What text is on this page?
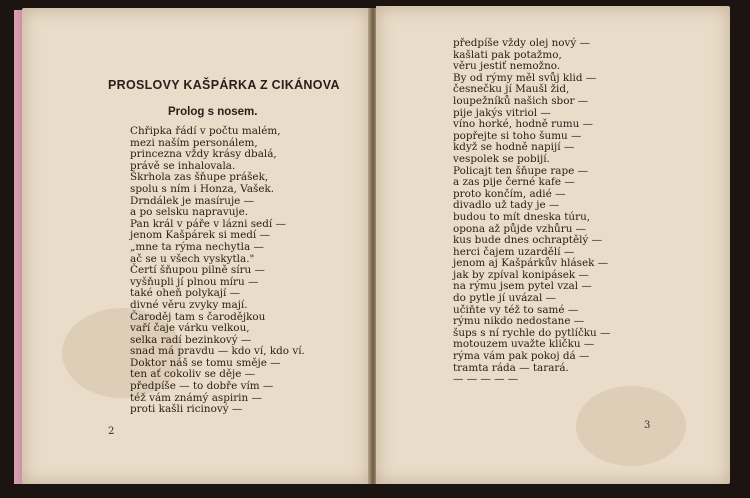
PROSLOVY KAŠPÁRKA Z CIKÁNOVA
Prolog s nosem.
Chřipka řádí v počtu malém,
mezi naším personálem,
princezna vždy krásy dbalá,
právě se inhalovala.
Škrhola zas šňupe prášek,
spolu s ním i Honza, Vašek.
Drndálek je masíruje —
a po selsku napravuje.
Pan král v páře v lázni sedí —
jenom Kašpárek si medí —
„mne ta rýma nechytla —
ač se u všech vyskytla."
Čertí šňupou pilně síru —
vyšňupli jí plnou míru —
také oheň polykají —
divné věru zvyky mají.
Čaroděj tam s čarodějkou
vaří čaje várku velkou,
selka radí bezinkový —
snad má pravdu — kdo ví, kdo ví.
Doktor náš se tomu směje —
ten ať cokoliv se děje —
předpíše — to dobře vím —
též vám známý aspirin —
proti kašli ricinový —
předpíše vždy olej nový —
kašlati pak potažmo,
věru jestiť nemožno.
By od rýmy měl svůj klid —
česnečku jí Maušl žid,
loupežníků našich sbor —
pije jakýs vitriol —
víno horké, hodně rumu —
popřejte si toho šumu —
když se hodně napijí —
vespolek se pobijí.
Policajt ten šňupe rape —
a zas pije černé kafe —
proto končím, adié —
divadlo už tady je —
budou to mít dneska túru,
opona až půjde vzhůru —
kus bude dnes ochraptělý —
herci čajem uzardělí —
jenom aj Kašpárkův hlásek —
jak by zpíval konipásek —
na rýmu jsem pytel vzal —
do pytle jí uvázal —
učiňte vy též to samé —
rýmu nikdo nedostane —
šups s ní rychle do pytlíčku —
motouzem uvažte kličku —
rýma vám pak pokoj dá —
tramta ráda — tarará.
— — — — —
2
3
